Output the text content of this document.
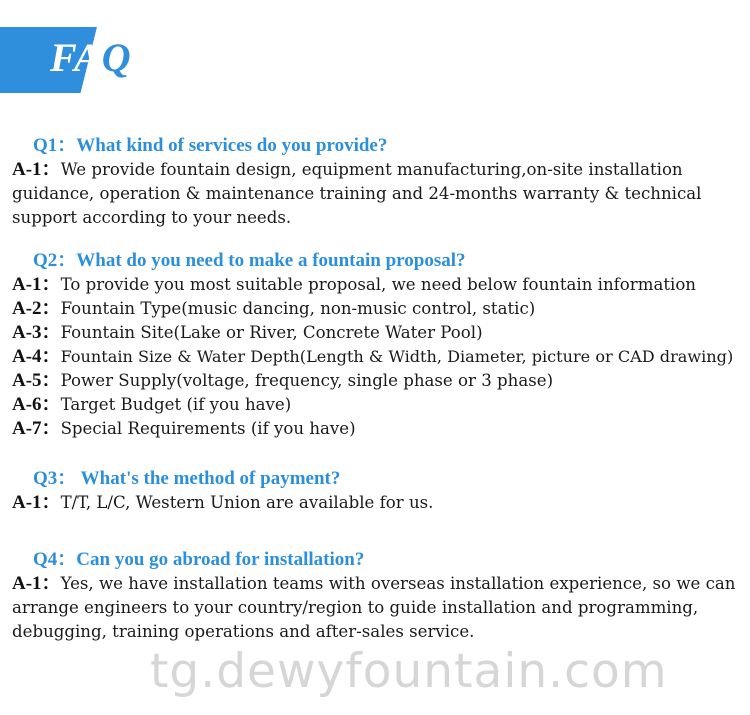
FAQ
Q1：What kind of services do you provide?
A-1：We provide fountain design, equipment manufacturing,on-site installation guidance, operation & maintenance training and 24-months warranty & technical support according to your needs.
Q2：What do you need to make a fountain proposal?
A-1：To provide you most suitable proposal, we need below fountain information
A-2：Fountain Type(music dancing, non-music control, static)
A-3：Fountain Site(Lake or River, Concrete Water Pool)
A-4：Fountain Size & Water Depth(Length & Width, Diameter, picture or CAD drawing)
A-5：Power Supply(voltage, frequency, single phase or 3 phase)
A-6：Target Budget (if you have)
A-7：Special Requirements (if you have)
Q3： What's the method of payment?
A-1：T/T, L/C, Western Union are available for us.
Q4：Can you go abroad for installation?
A-1：Yes, we have installation teams with overseas installation experience, so we can arrange engineers to your country/region to guide installation and programming, debugging, training operations and after-sales service.
tg.dewyfountain.com
